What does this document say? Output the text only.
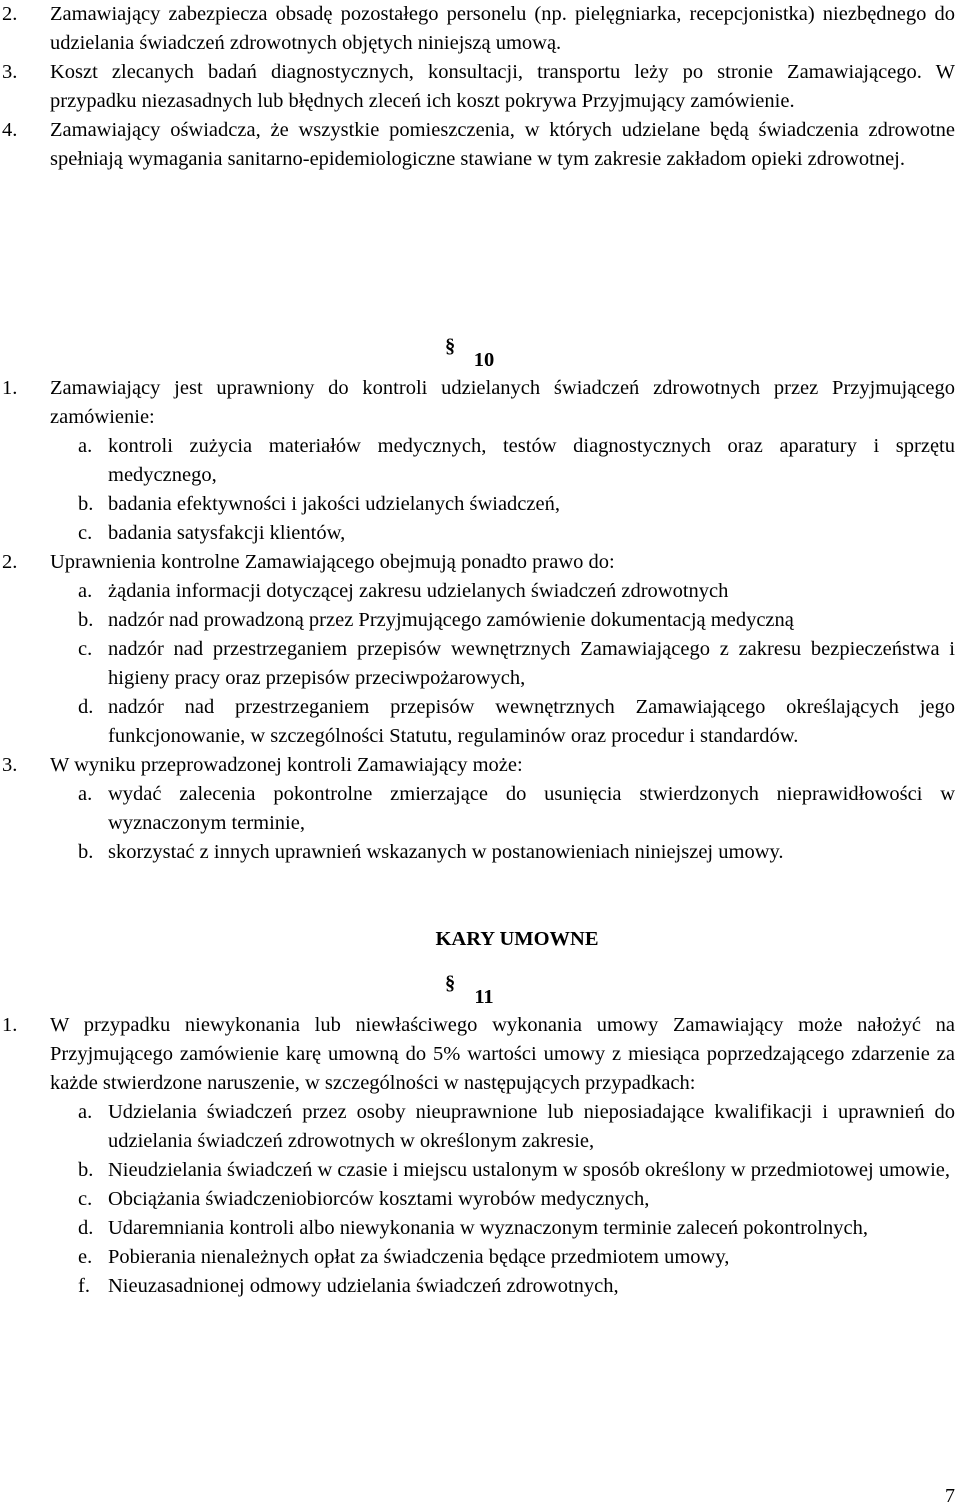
2.	Zamawiający zabezpiecza obsadę pozostałego personelu (np. pielęgniarka, recepcjonistka) niezbędnego do udzielania świadczeń zdrowotnych objętych niniejszą umową.
3.	Koszt zlecanych badań diagnostycznych, konsultacji, transportu leży po stronie Zamawiającego. W przypadku niezasadnych lub błędnych zleceń ich koszt pokrywa Przyjmujący zamówienie.
4.	Zamawiający oświadcza, że wszystkie pomieszczenia, w których udzielane będą świadczenia zdrowotne spełniają wymagania sanitarno-epidemiologiczne stawiane w tym zakresie zakładom opieki zdrowotnej.
§
10
1.	Zamawiający jest uprawniony do kontroli udzielanych świadczeń zdrowotnych przez Przyjmującego zamówienie:
a. kontroli zużycia materiałów medycznych, testów diagnostycznych oraz aparatury i sprzętu medycznego,
b. badania efektywności i jakości udzielanych świadczeń,
c. badania satysfakcji klientów,
2.	Uprawnienia kontrolne Zamawiającego obejmują ponadto prawo do:
a. żądania informacji dotyczącej zakresu udzielanych świadczeń zdrowotnych
b. nadzór nad prowadzoną przez Przyjmującego zamówienie dokumentacją medyczną
c. nadzór nad przestrzeganiem przepisów wewnętrznych Zamawiającego z zakresu bezpieczeństwa i higieny pracy oraz przepisów przeciwpożarowych,
d. nadzór nad przestrzeganiem przepisów wewnętrznych Zamawiającego określających jego funkcjonowanie, w szczególności Statutu, regulaminów oraz procedur i standardów.
3.	W wyniku przeprowadzonej kontroli Zamawiający może:
a. wydać zalecenia pokontrolne zmierzające do usunięcia stwierdzonych nieprawidłowości w wyznaczonym terminie,
b. skorzystać z innych uprawnień wskazanych w postanowieniach niniejszej umowy.
KARY UMOWNE
§
11
1.	W przypadku niewykonania lub niewłaściwego wykonania umowy Zamawiający może nałożyć na Przyjmującego zamówienie karę umowną do 5% wartości umowy z miesiąca poprzedzającego zdarzenie za każde stwierdzone naruszenie, w szczególności w następujących przypadkach:
a. Udzielania świadczeń przez osoby nieuprawnione lub nieposiadające kwalifikacji i uprawnień do udzielania świadczeń zdrowotnych w określonym zakresie,
b. Nieudzielania świadczeń w czasie i miejscu ustalonym w sposób określony w przedmiotowej umowie,
c. Obciążania świadczeniobiorców kosztami wyrobów medycznych,
d. Udaremniania kontroli albo niewykonania w wyznaczonym terminie zaleceń pokontrolnych,
e. Pobierania nienależnych opłat za świadczenia będące przedmiotem umowy,
f. Nieuzasadnionej odmowy udzielania świadczeń zdrowotnych,
7
